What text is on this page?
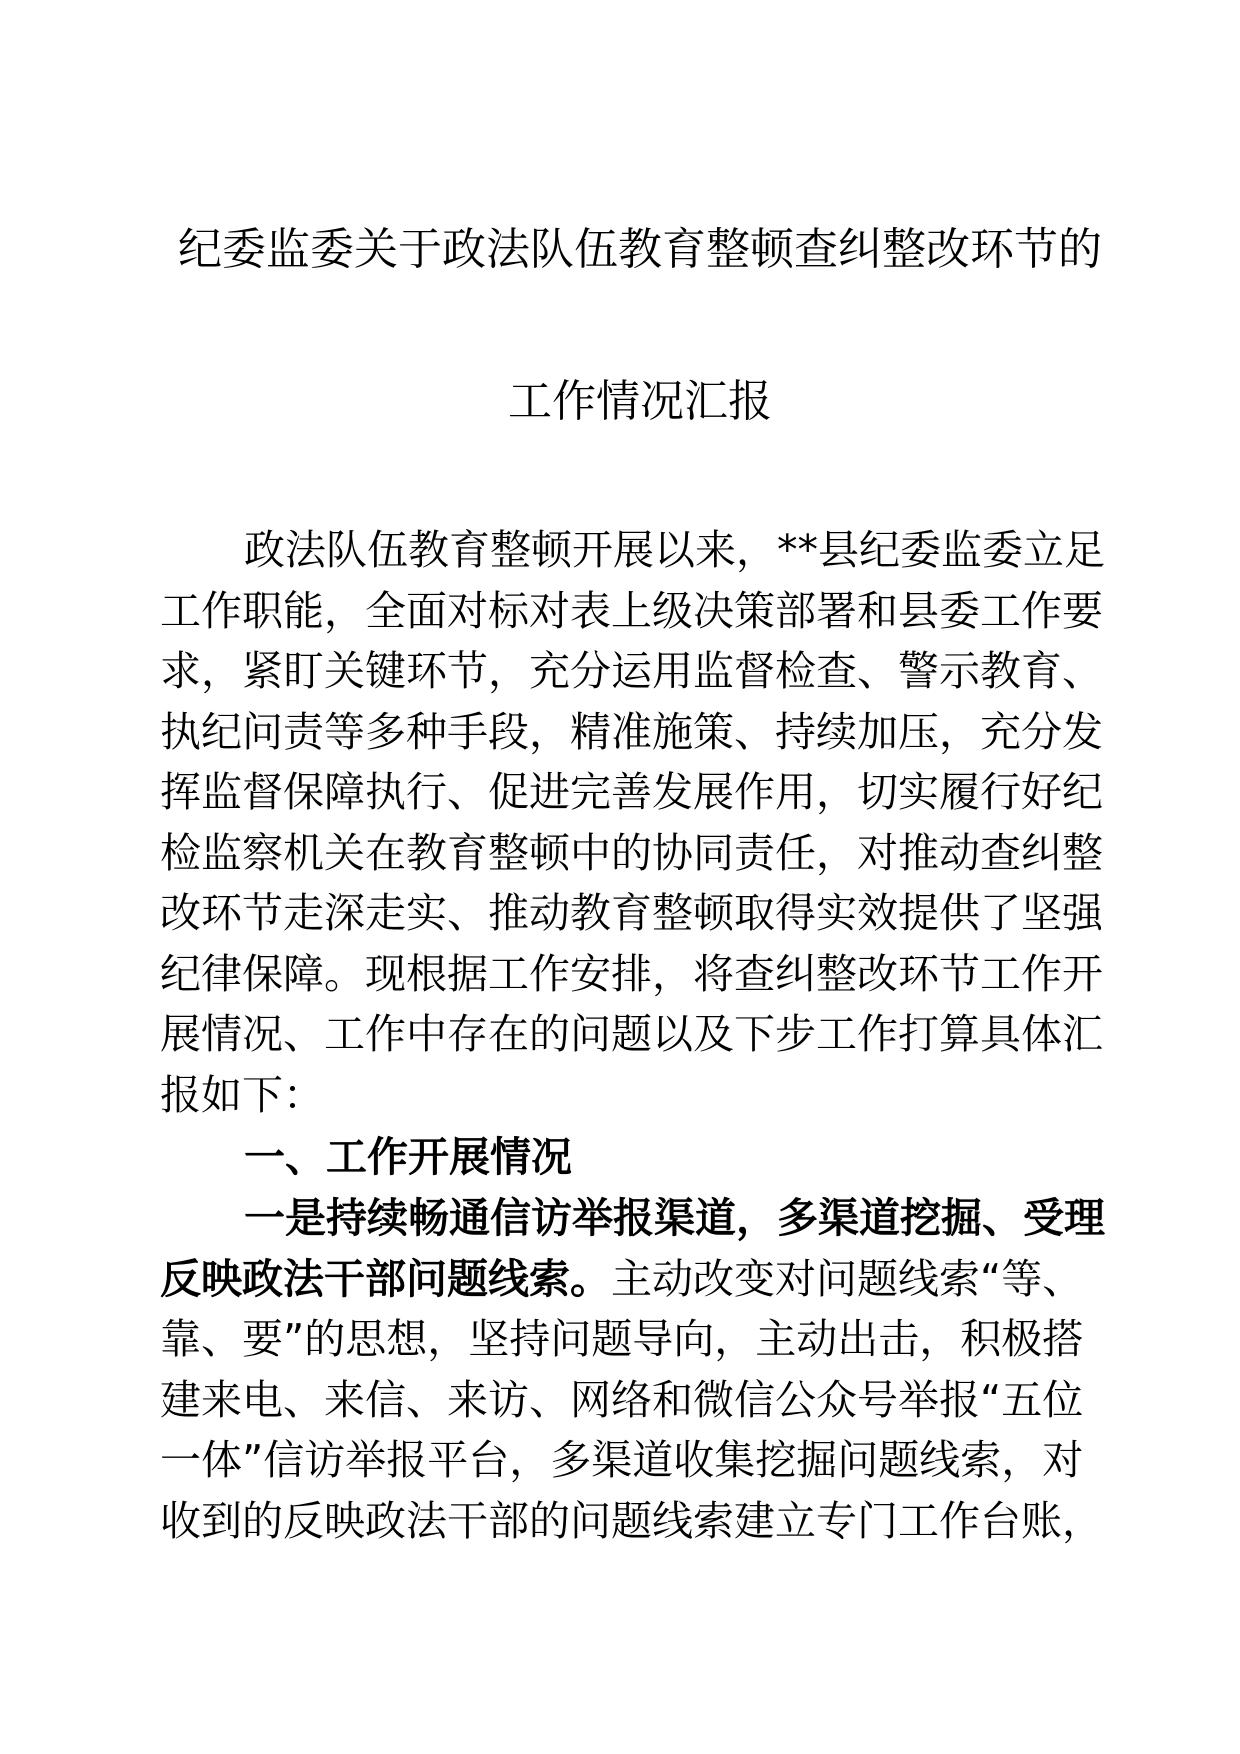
纪委监委关于政法队伍教育整顿查纠整改环节的
工作情况汇报
政法队伍教育整顿开展以来，**县纪委监委立足
工作职能，全面对标对表上级决策部署和县委工作要
求，紧盯关键环节，充分运用监督检查、警示教育、
执纪问责等多种手段，精准施策、持续加压，充分发
挥监督保障执行、促进完善发展作用，切实履行好纪
检监察机关在教育整顿中的协同责任，对推动查纠整
改环节走深走实、推动教育整顿取得实效提供了坚强
纪律保障。现根据工作安排，将查纠整改环节工作开
展情况、工作中存在的问题以及下步工作打算具体汇
报如下：
一、工作开展情况
一是持续畅通信访举报渠道，多渠道挖掘、受理
反映政法干部问题线索。主动改变对问题线索“等、
靠、要”的思想，坚持问题导向，主动出击，积极搭
建来电、来信、来访、网络和微信公众号举报“五位
一体”信访举报平台，多渠道收集挖掘问题线索，对
收到的反映政法干部的问题线索建立专门工作台账，
